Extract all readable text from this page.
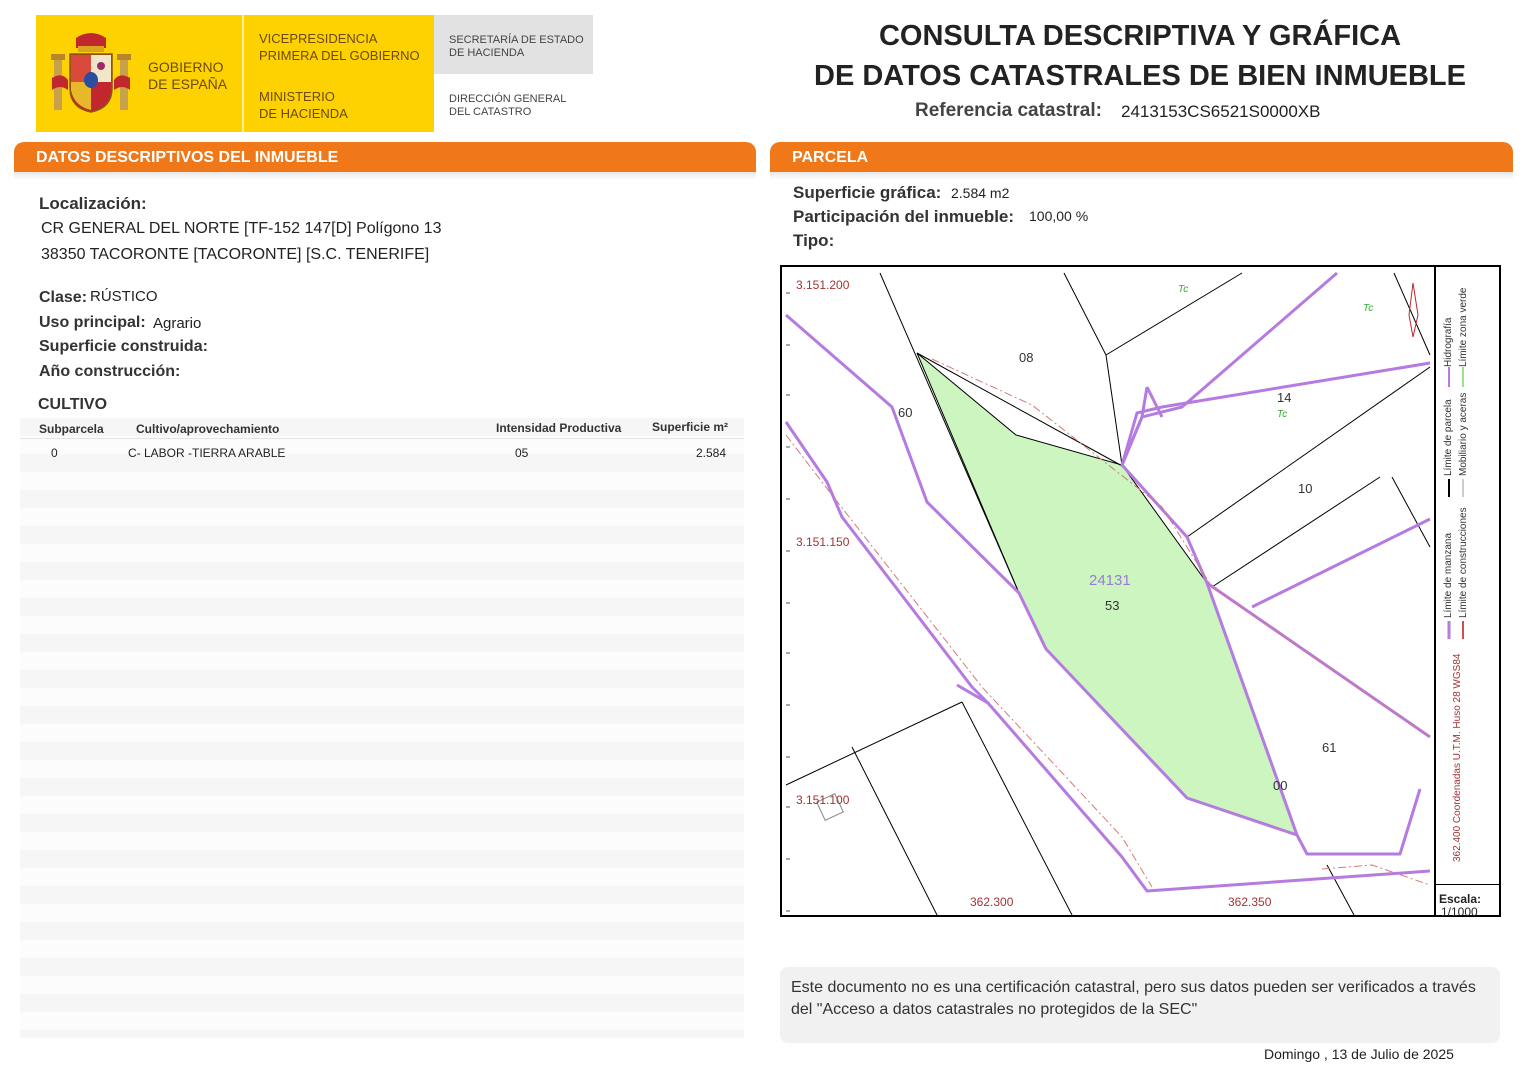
GOBIERNO
DE ESPAÑA
VICEPRESIDENCIA
PRIMERA DEL GOBIERNO
MINISTERIO
DE HACIENDA
SECRETARÍA DE ESTADO
DE HACIENDA
DIRECCIÓN GENERAL
DEL CATASTRO
CONSULTA DESCRIPTIVA Y GRÁFICA
DE DATOS CATASTRALES DE BIEN INMUEBLE
Referencia catastral: 2413153CS6521S0000XB
DATOS DESCRIPTIVOS DEL INMUEBLE
Localización:
CR GENERAL DEL NORTE [TF-152 147[D] Polígono 13
38350 TACORONTE [TACORONTE] [S.C. TENERIFE]
Clase: RÚSTICO
Uso principal: Agrario
Superficie construida:
Año construcción:
CULTIVO
Subparcela	Cultivo/aprovechamiento	Intensidad Productiva	Superficie m²
0	C- LABOR -TIERRA ARABLE	05	2.584
PARCELA
Superficie gráfica: 2.584 m2
Participación del inmueble: 100,00 %
Tipo:
3.151.200
3.151.150
3.151.100
362.300	362.350
08
60
14
10
61
00
Tc
Tc
Tc
24131
53
Hidrografía Límite zona verde
Límite de parcela Mobiliario y aceras
Límite de manzana Límite de construcciones
362.400 Coordenadas U.T.M. Huso 28 WGS84
Escala:
1/1000
Este documento no es una certificación catastral, pero sus datos pueden ser verificados a través del "Acceso a datos catastrales no protegidos de la SEC"
Domingo , 13 de Julio de 2025
